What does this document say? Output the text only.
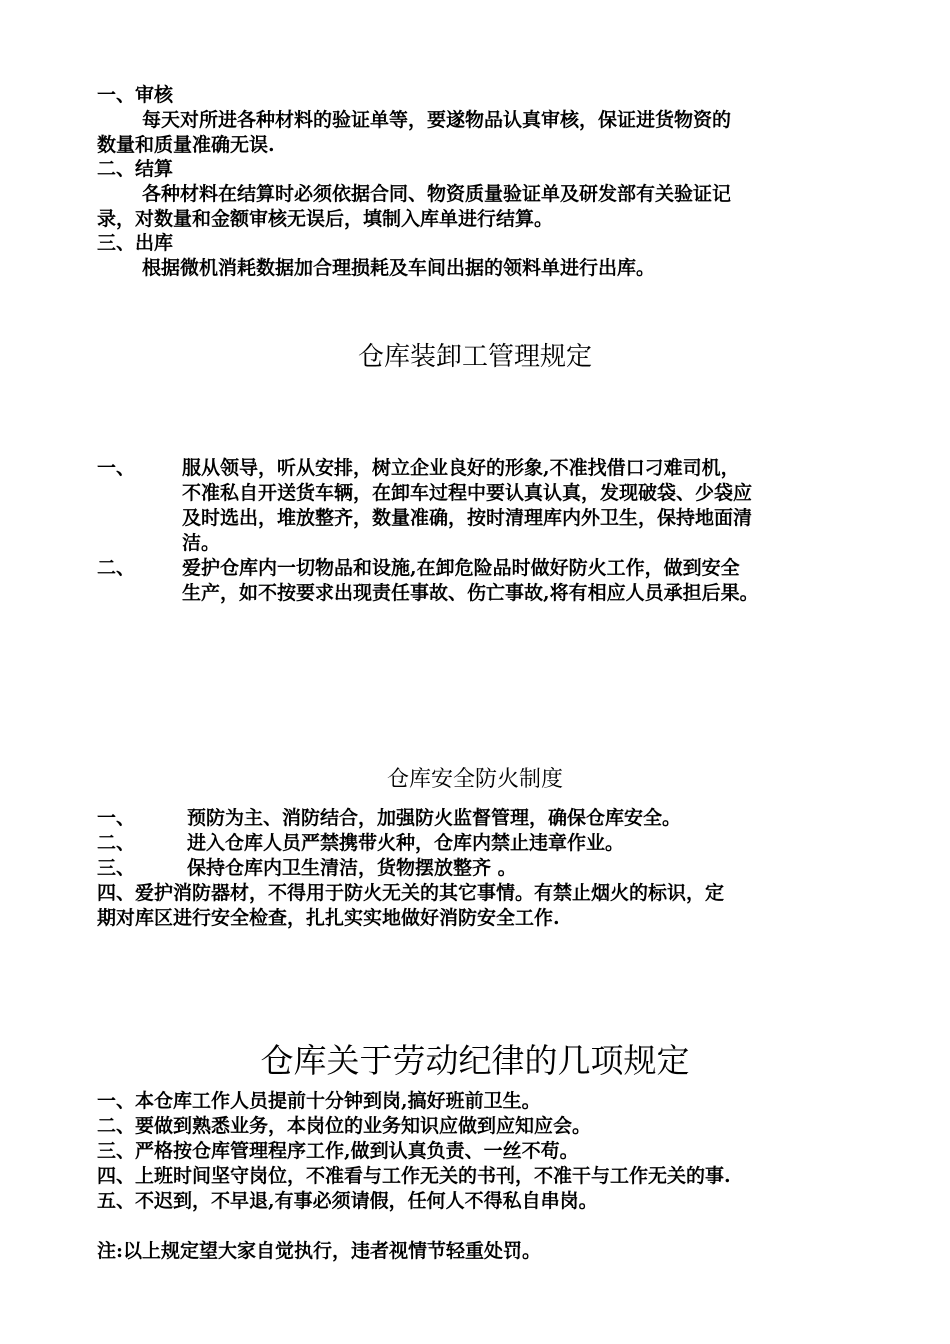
一、审核
每天对所进各种材料的验证单等，要遂物品认真审核，保证进货物资的
数量和质量准确无误.
二、结算
各种材料在结算时必须依据合同、物资质量验证单及研发部有关验证记
录，对数量和金额审核无误后，填制入库单进行结算。
三、出库
根据微机消耗数据加合理损耗及车间出据的领料单进行出库。
仓库装卸工管理规定
一、 服从领导，听从安排，树立企业良好的形象,不准找借口刁难司机，
不准私自开送货车辆，在卸车过程中要认真认真，发现破袋、少袋应
及时选出，堆放整齐，数量准确，按时清理库内外卫生，保持地面清
洁。
二、 爱护仓库内一切物品和设施,在卸危险品时做好防火工作，做到安全
生产，如不按要求出现责任事故、伤亡事故,将有相应人员承担后果。
仓库安全防火制度
一、	预防为主、消防结合，加强防火监督管理，确保仓库安全。
二、	进入仓库人员严禁携带火种，仓库内禁止违章作业。
三、	保持仓库内卫生清洁，货物摆放整齐 。
四、爱护消防器材，不得用于防火无关的其它事情。有禁止烟火的标识，定
期对库区进行安全检查，扎扎实实地做好消防安全工作.
仓库关于劳动纪律的几项规定
一、本仓库工作人员提前十分钟到岗,搞好班前卫生。
二、要做到熟悉业务，本岗位的业务知识应做到应知应会。
三、严格按仓库管理程序工作,做到认真负责、一丝不苟。
四、上班时间坚守岗位，不准看与工作无关的书刊，不准干与工作无关的事.
五、不迟到，不早退,有事必须请假，任何人不得私自串岗。
注:以上规定望大家自觉执行，违者视情节轻重处罚。
